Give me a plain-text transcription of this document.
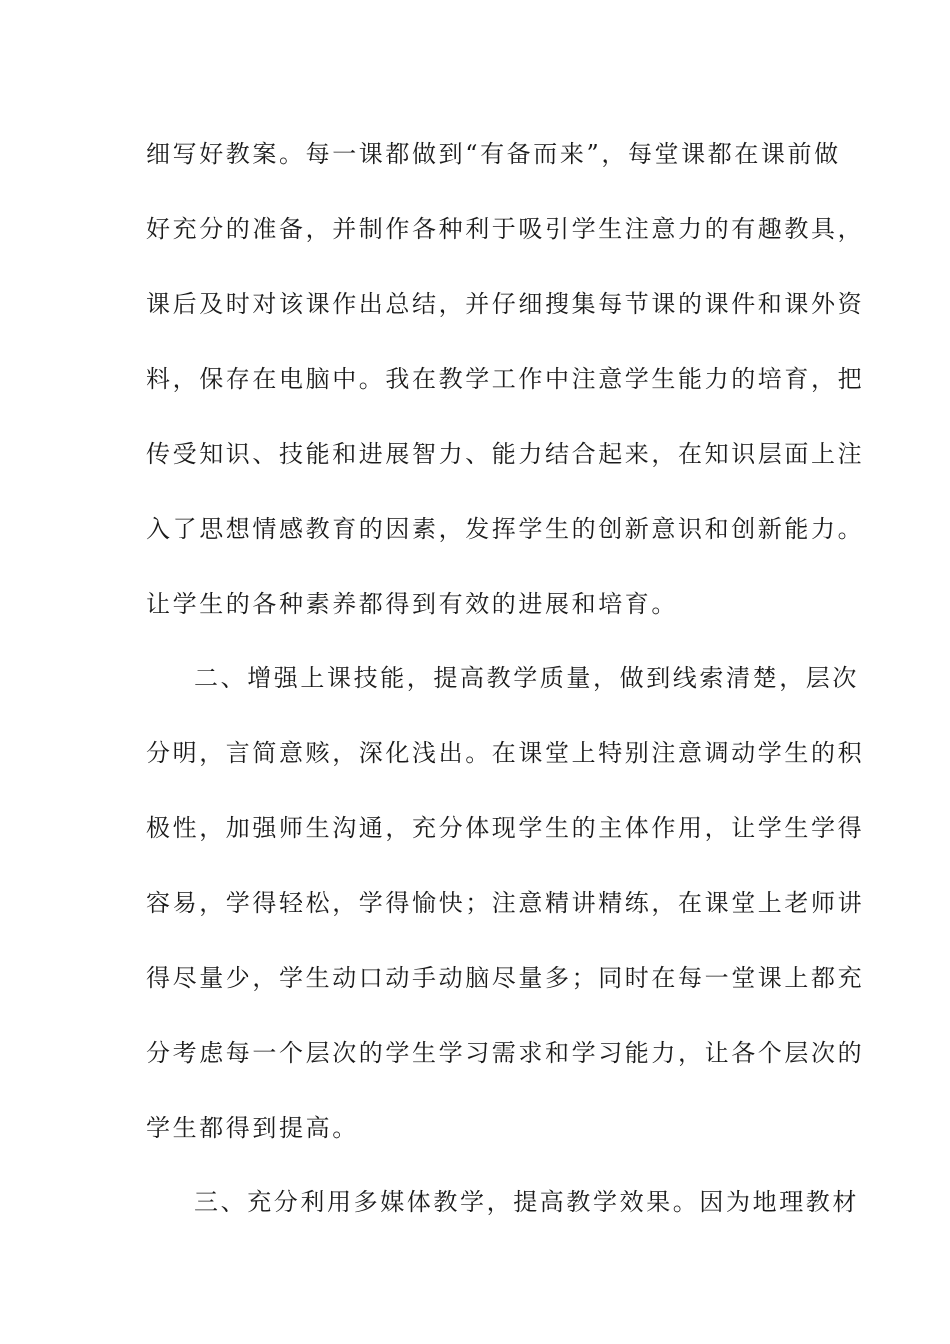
细写好教案。每一课都做到“有备而来”，每堂课都在课前做
好充分的准备，并制作各种利于吸引学生注意力的有趣教具，
课后及时对该课作出总结，并仔细搜集每节课的课件和课外资
料，保存在电脑中。我在教学工作中注意学生能力的培育，把
传受知识、技能和进展智力、能力结合起来，在知识层面上注
入了思想情感教育的因素，发挥学生的创新意识和创新能力。
让学生的各种素养都得到有效的进展和培育。
二、增强上课技能，提高教学质量，做到线索清楚，层次
分明，言简意赅，深化浅出。在课堂上特别注意调动学生的积
极性，加强师生沟通，充分体现学生的主体作用，让学生学得
容易，学得轻松，学得愉快；注意精讲精练，在课堂上老师讲
得尽量少，学生动口动手动脑尽量多；同时在每一堂课上都充
分考虑每一个层次的学生学习需求和学习能力，让各个层次的
学生都得到提高。
三、充分利用多媒体教学，提高教学效果。因为地理教材
